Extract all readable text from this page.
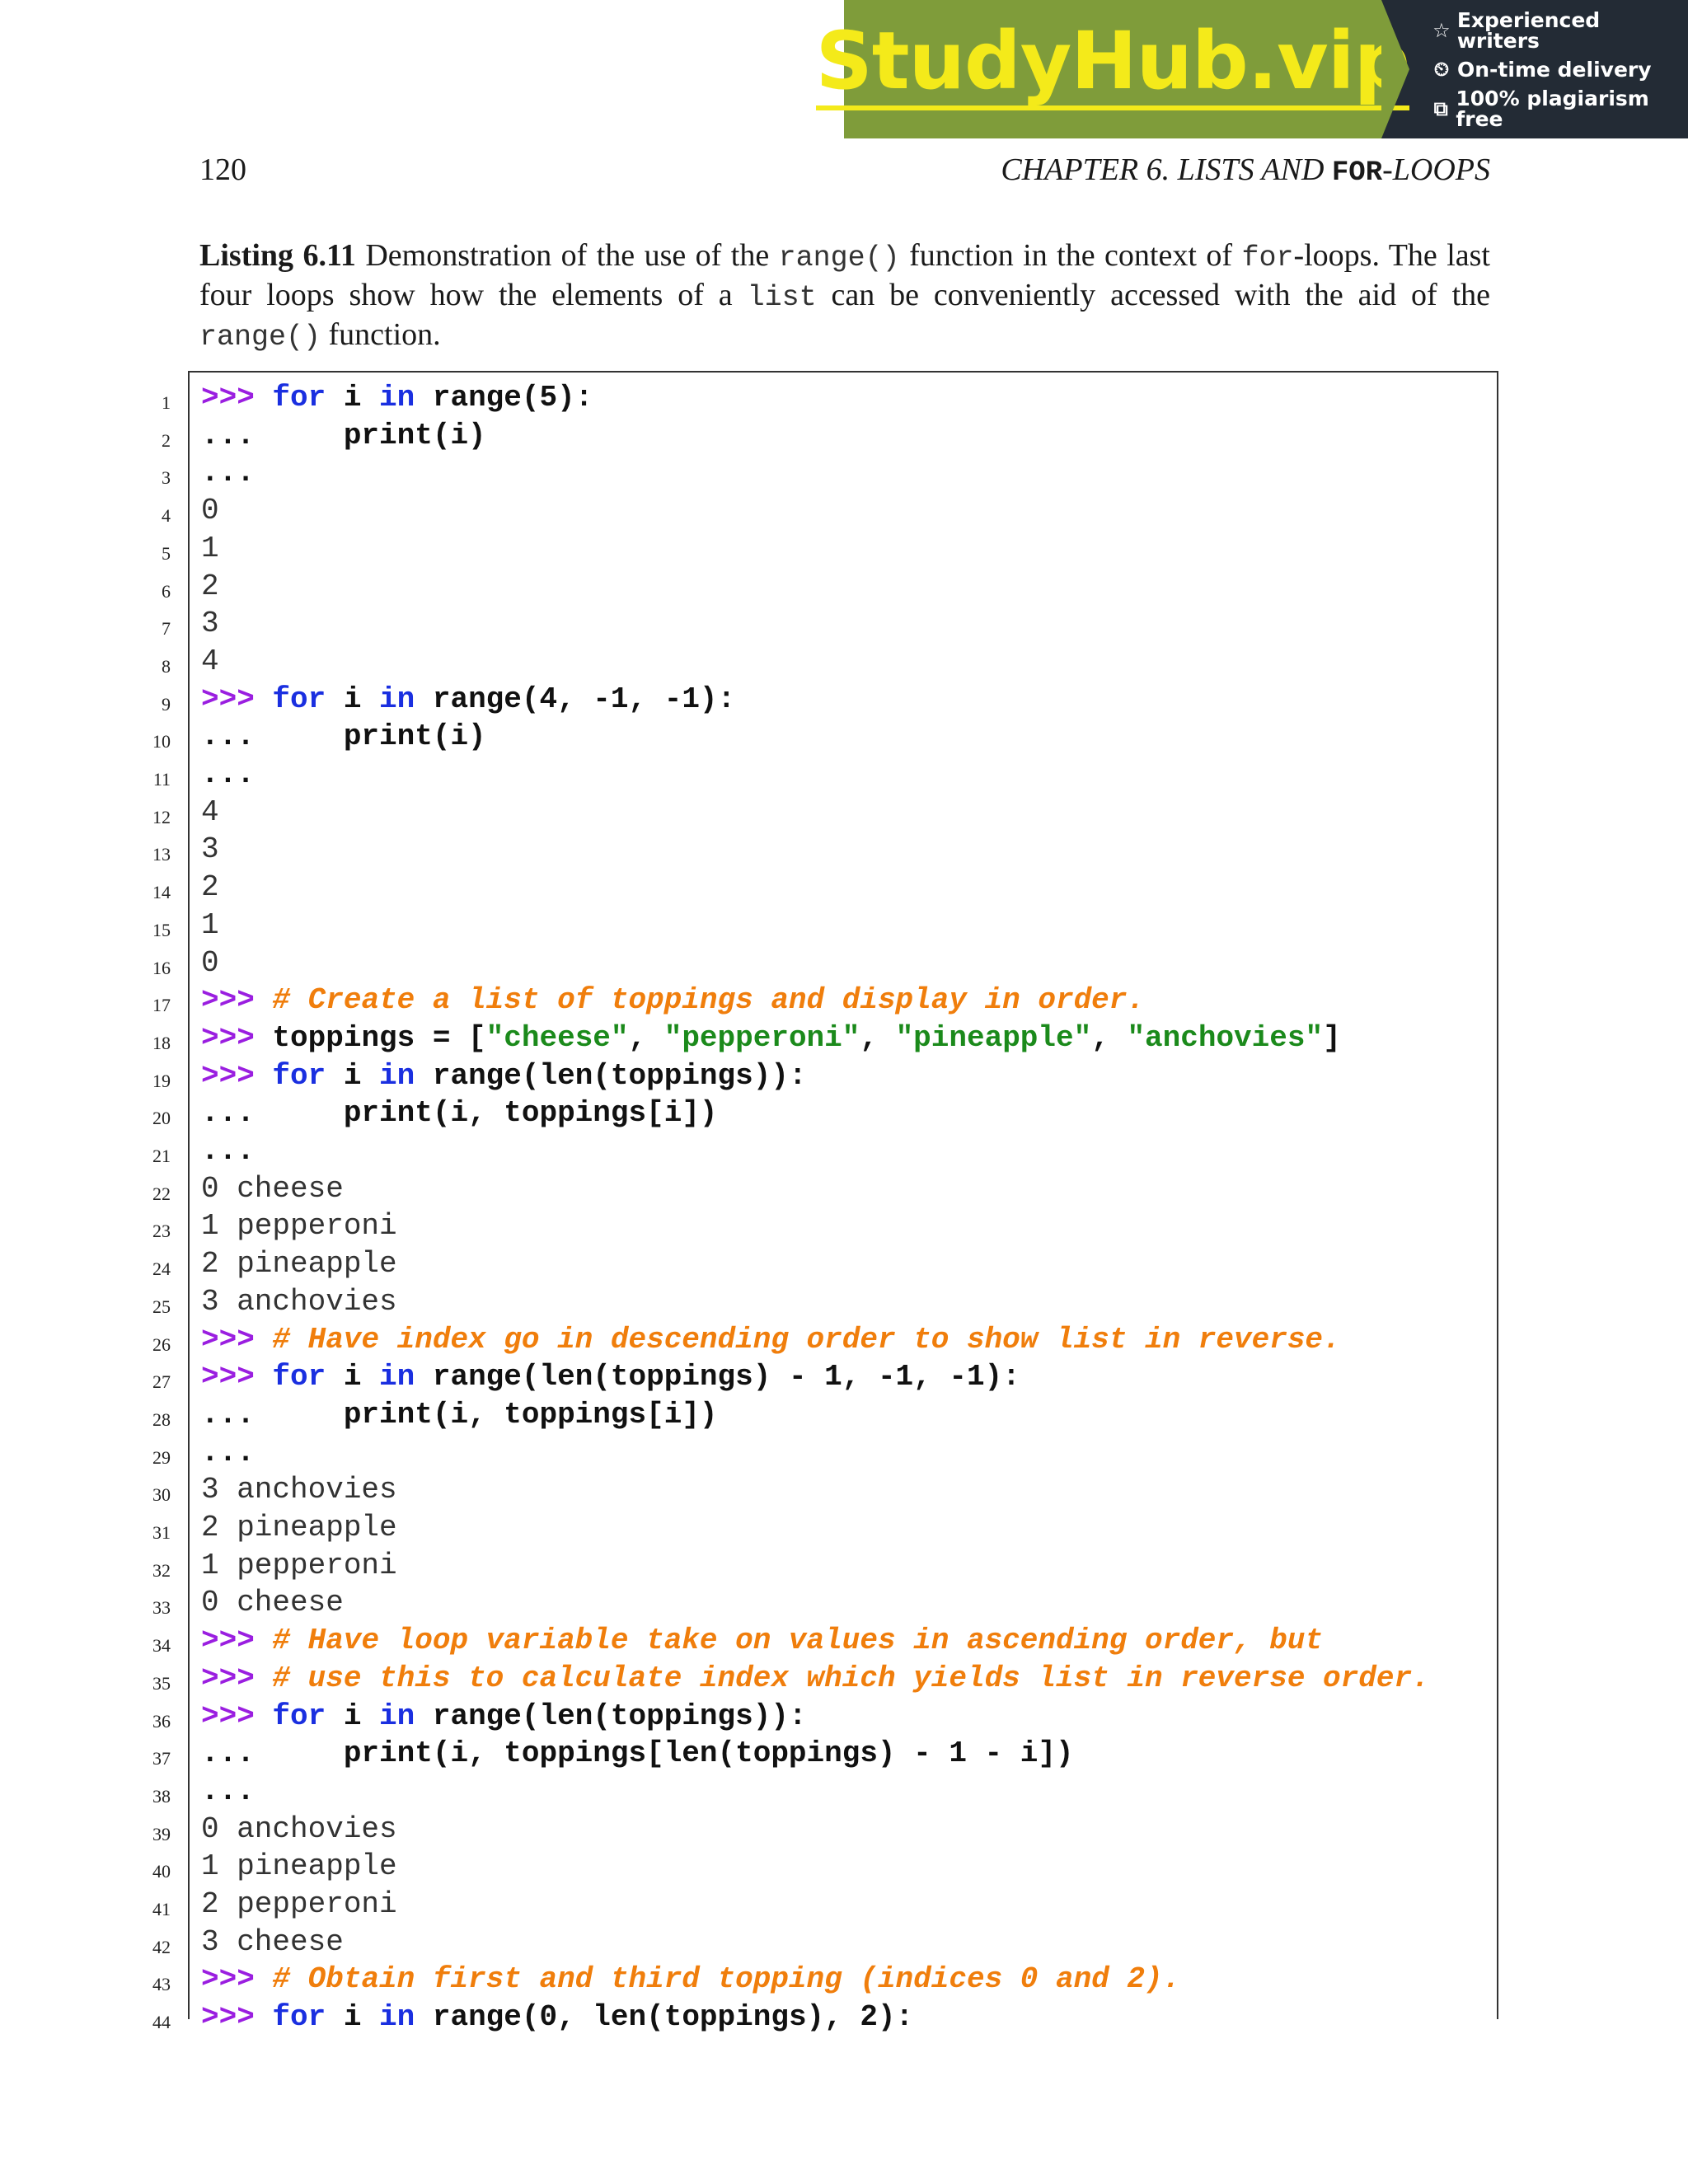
StudyHub.vip ☆ Experienced writers
⏲ On-time delivery
⧉ 100% plagiarism free
120	CHAPTER 6. LISTS AND FOR-LOOPS
Listing 6.11 Demonstration of the use of the range() function in the context of for-loops. The last four loops show how the elements of a list can be conveniently accessed with the aid of the range() function.
1 >>> for i in range(5):
2 ...     print(i)
3 ...
4 0
5 1
6 2
7 3
8 4
9 >>> for i in range(4, -1, -1):
10 ...     print(i)
11 ...
12 4
13 3
14 2
15 1
16 0
17 >>> # Create a list of toppings and display in order.
18 >>> toppings = ["cheese", "pepperoni", "pineapple", "anchovies"]
19 >>> for i in range(len(toppings)):
20 ...     print(i, toppings[i])
21 ...
22 0 cheese
23 1 pepperoni
24 2 pineapple
25 3 anchovies
26 >>> # Have index go in descending order to show list in reverse.
27 >>> for i in range(len(toppings) - 1, -1, -1):
28 ...     print(i, toppings[i])
29 ...
30 3 anchovies
31 2 pineapple
32 1 pepperoni
33 0 cheese
34 >>> # Have loop variable take on values in ascending order, but
35 >>> # use this to calculate index which yields list in reverse order.
36 >>> for i in range(len(toppings)):
37 ...     print(i, toppings[len(toppings) - 1 - i])
38 ...
39 0 anchovies
40 1 pineapple
41 2 pepperoni
42 3 cheese
43 >>> # Obtain first and third topping (indices 0 and 2).
44 >>> for i in range(0, len(toppings), 2):
